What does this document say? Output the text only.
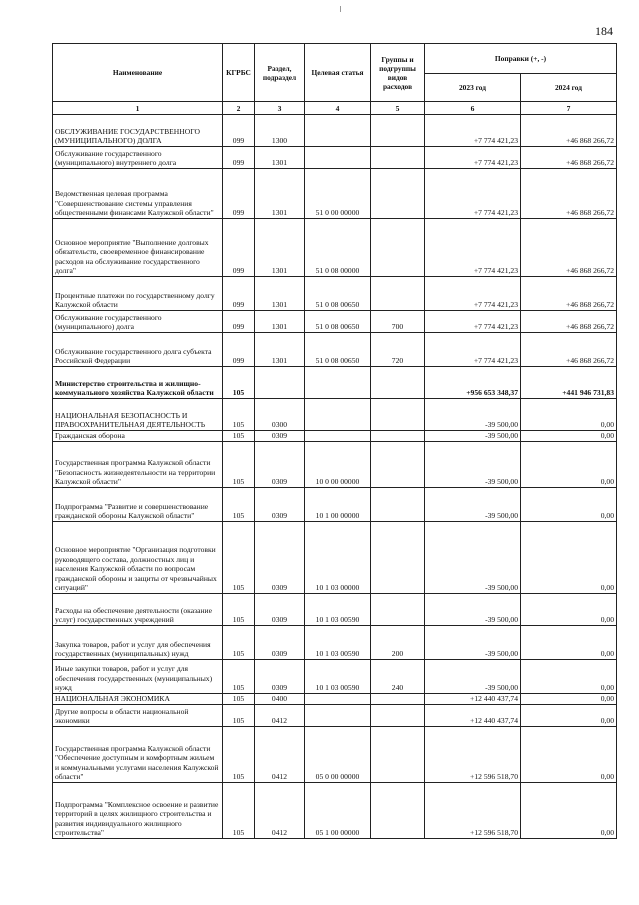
184
Наименование	КГРБС	Раздел, подраздел	Целевая статья	Группы и подгруппы видов расходов	Поправки (+, -)	
					2023 год	2024 год
1	2	3	4	5	6	7
ОБСЛУЖИВАНИЕ ГОСУДАРСТВЕННОГО (МУНИЦИПАЛЬНОГО) ДОЛГА	099	1300			+7 774 421,23	+46 868 266,72
Обслуживание государственного (муниципального) внутреннего долга	099	1301			+7 774 421,23	+46 868 266,72
Ведомственная целевая программа "Совершенствование системы управления общественными финансами Калужской области"	099	1301	51 0 00 00000		+7 774 421,23	+46 868 266,72
Основное мероприятие "Выполнение долговых обязательств, своевременное финансирование расходов на обслуживание государственного долга"	099	1301	51 0 08 00000		+7 774 421,23	+46 868 266,72
Процентные платежи по государственному долгу Калужской области	099	1301	51 0 08 00650		+7 774 421,23	+46 868 266,72
Обслуживание государственного (муниципального) долга	099	1301	51 0 08 00650	700	+7 774 421,23	+46 868 266,72
Обслуживание государственного долга субъекта Российской Федерации	099	1301	51 0 08 00650	720	+7 774 421,23	+46 868 266,72
Министерство строительства и жилищно-коммунального хозяйства Калужской области	105				+956 653 348,37	+441 946 731,83
НАЦИОНАЛЬНАЯ БЕЗОПАСНОСТЬ И ПРАВООХРАНИТЕЛЬНАЯ ДЕЯТЕЛЬНОСТЬ	105	0300			-39 500,00	0,00
Гражданская оборона	105	0309			-39 500,00	0,00
Государственная программа Калужской области "Безопасность жизнедеятельности на территории Калужской области"	105	0309	10 0 00 00000		-39 500,00	0,00
Подпрограмма "Развитие и совершенствование гражданской обороны Калужской области"	105	0309	10 1 00 00000		-39 500,00	0,00
Основное мероприятие "Организация подготовки руководящего состава, должностных лиц и населения Калужской области по вопросам гражданской обороны и защиты от чрезвычайных ситуаций"	105	0309	10 1 03 00000		-39 500,00	0,00
Расходы на обеспечение деятельности (оказание услуг) государственных учреждений	105	0309	10 1 03 00590		-39 500,00	0,00
Закупка товаров, работ и услуг для обеспечения государственных (муниципальных) нужд	105	0309	10 1 03 00590	200	-39 500,00	0,00
Иные закупки товаров, работ и услуг для обеспечения государственных (муниципальных) нужд	105	0309	10 1 03 00590	240	-39 500,00	0,00
НАЦИОНАЛЬНАЯ ЭКОНОМИКА	105	0400			+12 440 437,74	0,00
Другие вопросы в области национальной экономики	105	0412			+12 440 437,74	0,00
Государственная программа Калужской области "Обеспечение доступным и комфортным жильем и коммунальными услугами населения Калужской области"	105	0412	05 0 00 00000		+12 596 518,70	0,00
Подпрограмма "Комплексное освоение и развитие территорий в целях жилищного строительства и развития индивидуального жилищного строительства"	105	0412	05 1 00 00000		+12 596 518,70	0,00
